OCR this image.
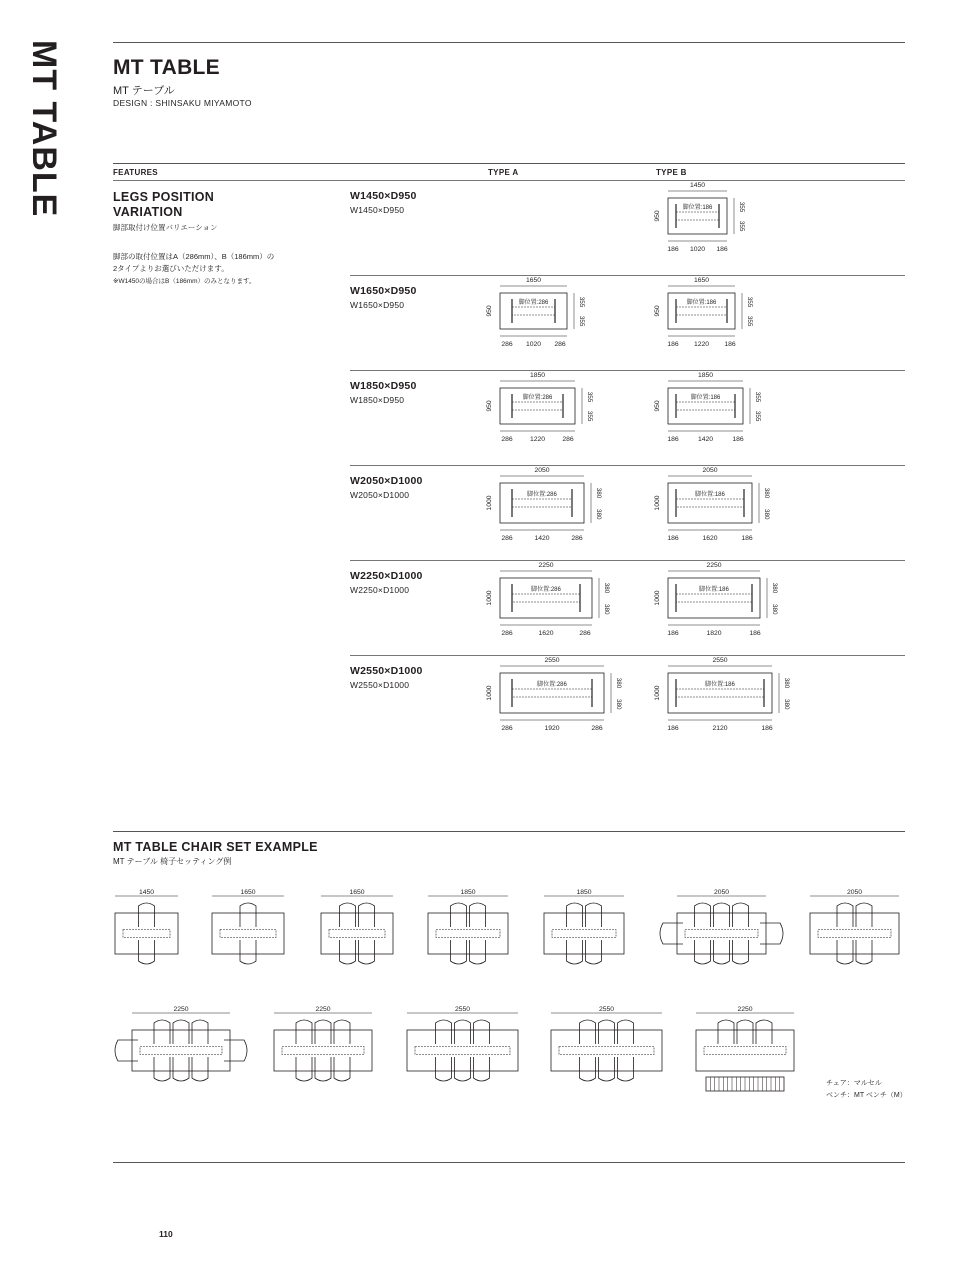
MT TABLE	MT TABLE
MT テーブル
DESIGN : SHINSAKU MIYAMOTO
FEATURES	TYPE A	TYPE B
LEGS POSITION
VARIATION
脚部取付け位置バリエーション
脚部の取付位置はA（286mm）、B（186mm）の
2タイプよりお選びいただけます。
※W1450の場合はB（186mm）のみとなります。
W1450×D950
W1450×D950
1450
脚位置:186
950
355
355
186 1020 186
W1650×D950
W1650×D950
1650
脚位置:286
950
355
355
286 1020 286
1650
脚位置:186
950
355
355
186 1220 186
W1850×D950
W1850×D950
1850
脚位置:286
950
355
355
286	1220	286
1850
脚位置:186
950
355
355
186	1420	186
W2050×D1000
W2050×D1000
2050
脚位置:286
1000
380
380
286	1420	286
2050
脚位置:186
1000
380
380
186	1620	186
W2250×D1000
W2250×D1000
2250
脚位置:286
1000
380
380
286	1620	286
2250
脚位置:186
1000
380
380
186	1820	186
W2550×D1000
W2550×D1000
2550
脚位置:286
1000
380
380
286	1920	286
2550
脚位置:186
1000
380
380
186	2120	186
MT TABLE CHAIR SET EXAMPLE
MT テーブル 椅子セッティング例
1450	1650	1650	1850	1850	2050	2050
2250	2250	2550	2550	2250
チェア：マルセル
ベンチ：MT ベンチ（M）
110
